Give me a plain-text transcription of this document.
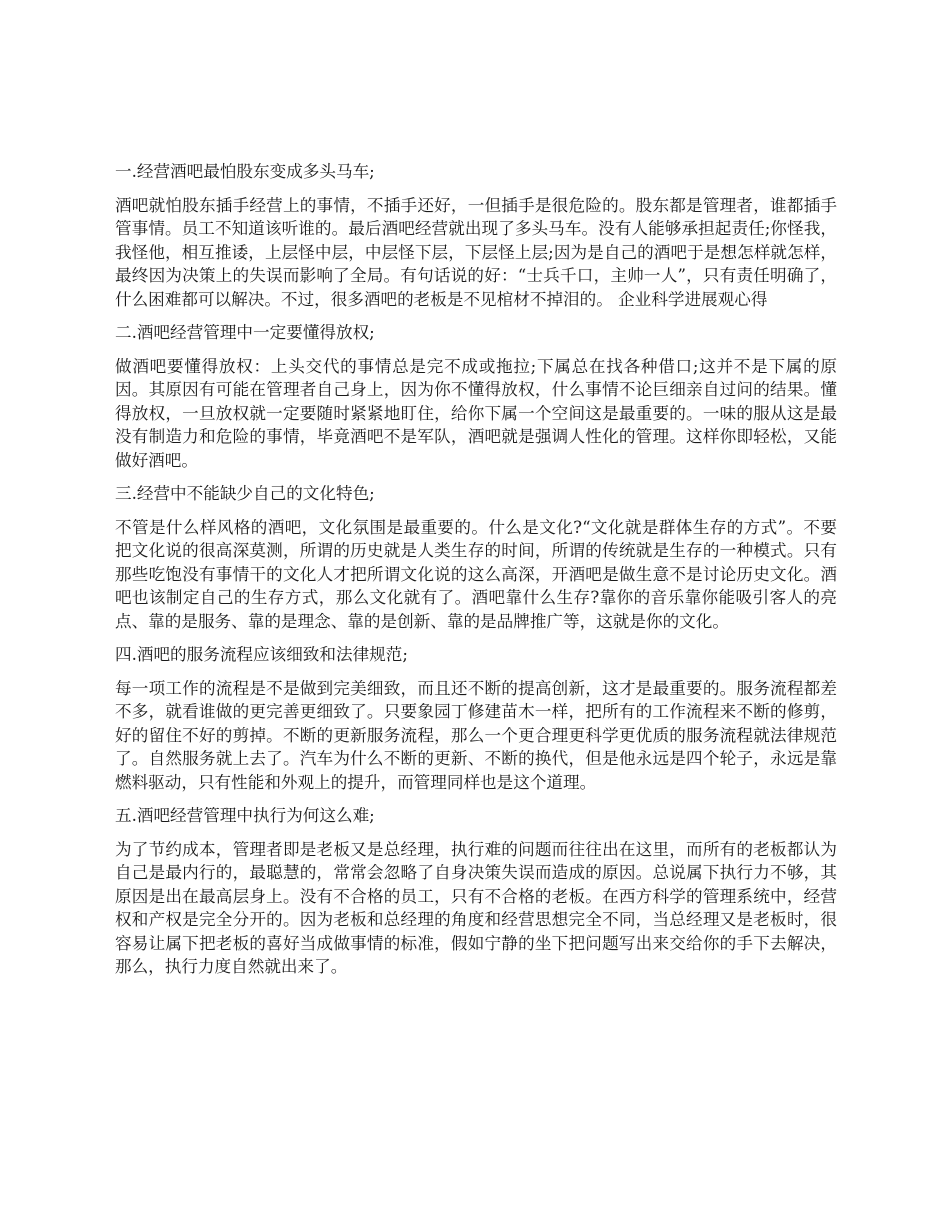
一.经营酒吧最怕股东变成多头马车;

酒吧就怕股东插手经营上的事情，不插手还好，一但插手是很危险的。股东都是管理者，谁都插手管事情。员工不知道该听谁的。最后酒吧经营就出现了多头马车。没有人能够承担起责任;你怪我，我怪他，相互推诿，上层怪中层，中层怪下层，下层怪上层;因为是自己的酒吧于是想怎样就怎样，最终因为决策上的失误而影响了全局。有句话说的好：“士兵千口，主帅一人”，只有责任明确了，什么困难都可以解决。不过，很多酒吧的老板是不见棺材不掉泪的。 企业科学进展观心得

二.酒吧经营管理中一定要懂得放权;

做酒吧要懂得放权：上头交代的事情总是完不成或拖拉;下属总在找各种借口;这并不是下属的原因。其原因有可能在管理者自己身上，因为你不懂得放权，什么事情不论巨细亲自过问的结果。懂得放权，一旦放权就一定要随时紧紧地盯住，给你下属一个空间这是最重要的。一味的服从这是最没有制造力和危险的事情，毕竟酒吧不是军队，酒吧就是强调人性化的管理。这样你即轻松，又能做好酒吧。

三.经营中不能缺少自己的文化特色;

不管是什么样风格的酒吧，文化氛围是最重要的。什么是文化?“文化就是群体生存的方式”。不要把文化说的很高深莫测，所谓的历史就是人类生存的时间，所谓的传统就是生存的一种模式。只有那些吃饱没有事情干的文化人才把所谓文化说的这么高深，开酒吧是做生意不是讨论历史文化。酒吧也该制定自己的生存方式，那么文化就有了。酒吧靠什么生存?靠你的音乐靠你能吸引客人的亮点、靠的是服务、靠的是理念、靠的是创新、靠的是品牌推广等，这就是你的文化。

四.酒吧的服务流程应该细致和法律规范;

每一项工作的流程是不是做到完美细致，而且还不断的提高创新，这才是最重要的。服务流程都差不多，就看谁做的更完善更细致了。只要象园丁修建苗木一样，把所有的工作流程来不断的修剪，好的留住不好的剪掉。不断的更新服务流程，那么一个更合理更科学更优质的服务流程就法律规范了。自然服务就上去了。汽车为什么不断的更新、不断的换代，但是他永远是四个轮子，永远是靠燃料驱动，只有性能和外观上的提升，而管理同样也是这个道理。

五.酒吧经营管理中执行为何这么难;

为了节约成本，管理者即是老板又是总经理，执行难的问题而往往出在这里，而所有的老板都认为自己是最内行的，最聪慧的，常常会忽略了自身决策失误而造成的原因。总说属下执行力不够，其原因是出在最高层身上。没有不合格的员工，只有不合格的老板。在西方科学的管理系统中，经营权和产权是完全分开的。因为老板和总经理的角度和经营思想完全不同，当总经理又是老板时，很容易让属下把老板的喜好当成做事情的标准，假如宁静的坐下把问题写出来交给你的手下去解决，那么，执行力度自然就出来了。
